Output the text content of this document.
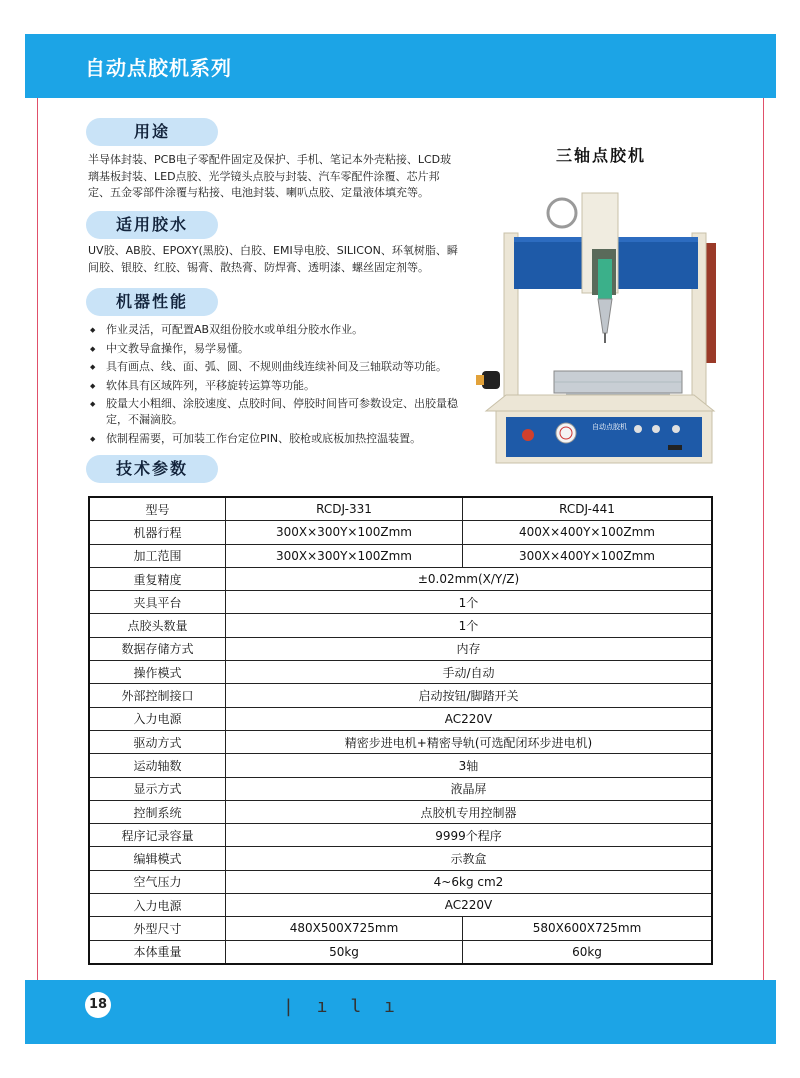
自动点胶机系列
用途
半导体封装、PCB电子零配件固定及保护、手机、笔记本外壳粘接、LCD玻璃基板封装、LED点胶、光学镜头点胶与封装、汽车零配件涂覆、芯片邦定、五金零部件涂覆与粘接、电池封装、喇叭点胶、定量液体填充等。
适用胶水
UV胶、AB胶、EPOXY(黑胶)、白胶、EMI导电胶、SILICON、环氧树脂、瞬间胶、银胶、红胶、锡膏、散热膏、防焊膏、透明漆、螺丝固定剂等。
机器性能
◆ 作业灵活，可配置AB双组份胶水或单组分胶水作业。
◆ 中文教导盒操作，易学易懂。
◆ 具有画点、线、面、弧、圆、不规则曲线连续补间及三轴联动等功能。
◆ 软体具有区域阵列，平移旋转运算等功能。
◆ 胶量大小粗细、涂胶速度、点胶时间、停胶时间皆可参数设定、出胶量稳定，不漏滴胶。
◆ 依制程需要，可加装工作台定位PIN、胶枪或底板加热控温装置。
技术参数
三轴点胶机
自动点胶机
型号	RCDJ-331	RCDJ-441
机器行程	300X×300Y×100Zmm	400X×400Y×100Zmm
加工范围	300X×300Y×100Zmm	300X×400Y×100Zmm
重复精度	±0.02mm(X/Y/Z)	
夹具平台	1个	
点胶头数量	1个	
数据存储方式	内存	
操作模式	手动/自动	
外部控制接口	启动按钮/脚踏开关	
入力电源	AC220V	
驱动方式	精密步进电机+精密导轨(可选配闭环步进电机)	
运动轴数	3轴	
显示方式	液晶屏	
控制系统	点胶机专用控制器	
程序记录容量	9999个程序	
编辑模式	示教盒	
空气压力	4~6kg cm2	
入力电源	AC220V	
外型尺寸	480X500X725mm	580X600X725mm
本体重量	50kg	60kg
18	| ı l ı
